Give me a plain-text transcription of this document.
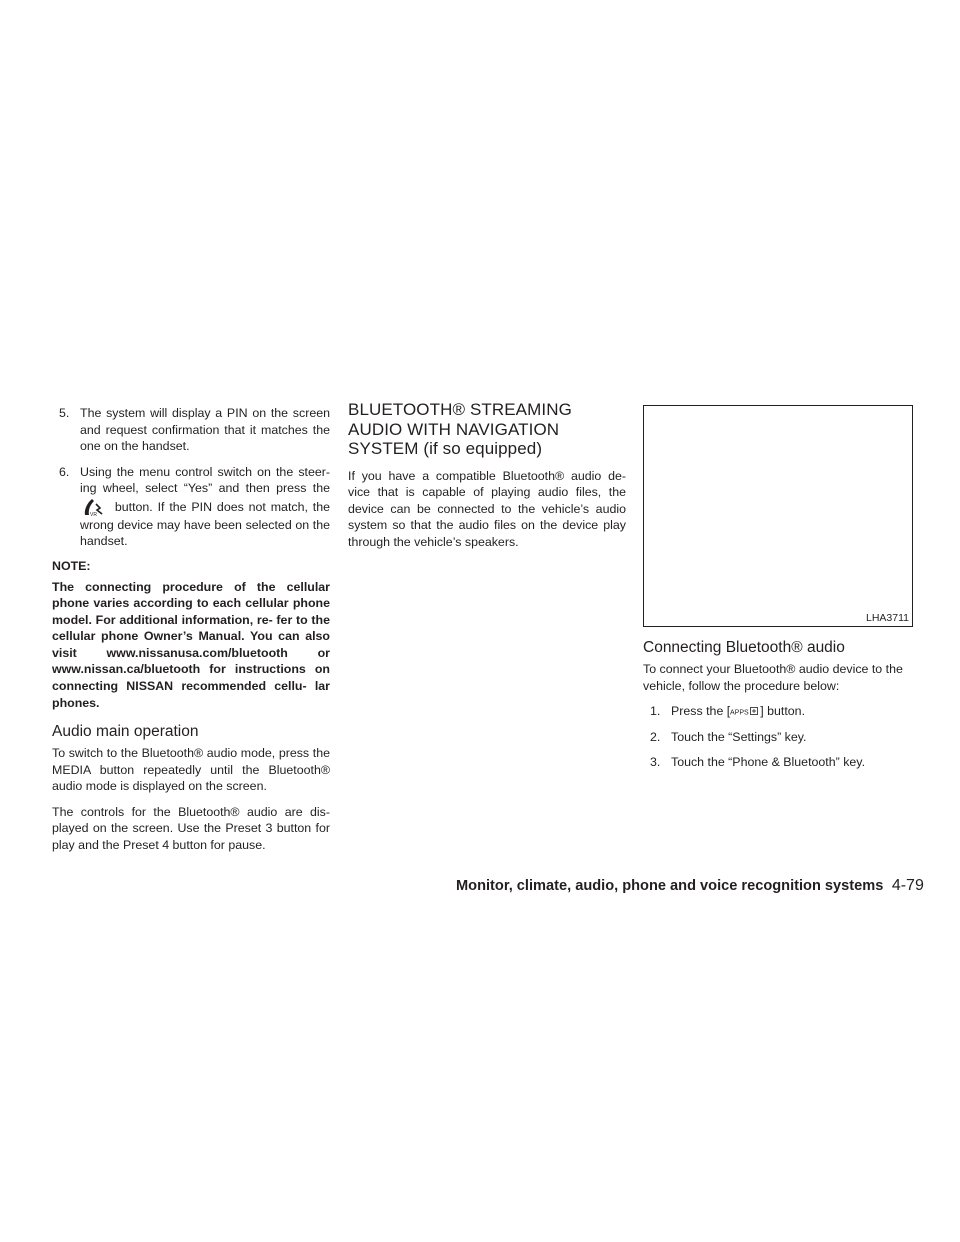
5. The system will display a PIN on the screen and request confirmation that it matches the one on the handset.
6. Using the menu control switch on the steer- ing wheel, select “Yes” and then press the
VR
button. If the PIN does not match, the wrong device may have been selected on the handset.
NOTE:

The connecting procedure of the cellular phone varies according to each cellular phone model. For additional information, re- fer to the cellular phone Owner’s Manual. You can also visit www.nissanusa.com/bluetooth or www.nissan.ca/bluetooth for instructions on connecting NISSAN recommended cellu- lar phones.

Audio main operation

To switch to the Bluetooth® audio mode, press the MEDIA button repeatedly until the Bluetooth® audio mode is displayed on the screen.

The controls for the Bluetooth® audio are dis- played on the screen. Use the Preset 3 button for play and the Preset 4 button for pause.

BLUETOOTH® STREAMING AUDIO WITH NAVIGATION SYSTEM (if so equipped)

If you have a compatible Bluetooth® audio de- vice that is capable of playing audio files, the device can be connected to the vehicle’s audio system so that the audio files on the device play through the vehicle’s speakers.

LHA3711
Connecting Bluetooth® audio

To connect your Bluetooth® audio device to the vehicle, follow the procedure below:

1. Press the [ APPS ] button.
2. Touch the “Settings” key.
3. Touch the “Phone & Bluetooth” key.
Monitor, climate, audio, phone and voice recognition systems 4-79
